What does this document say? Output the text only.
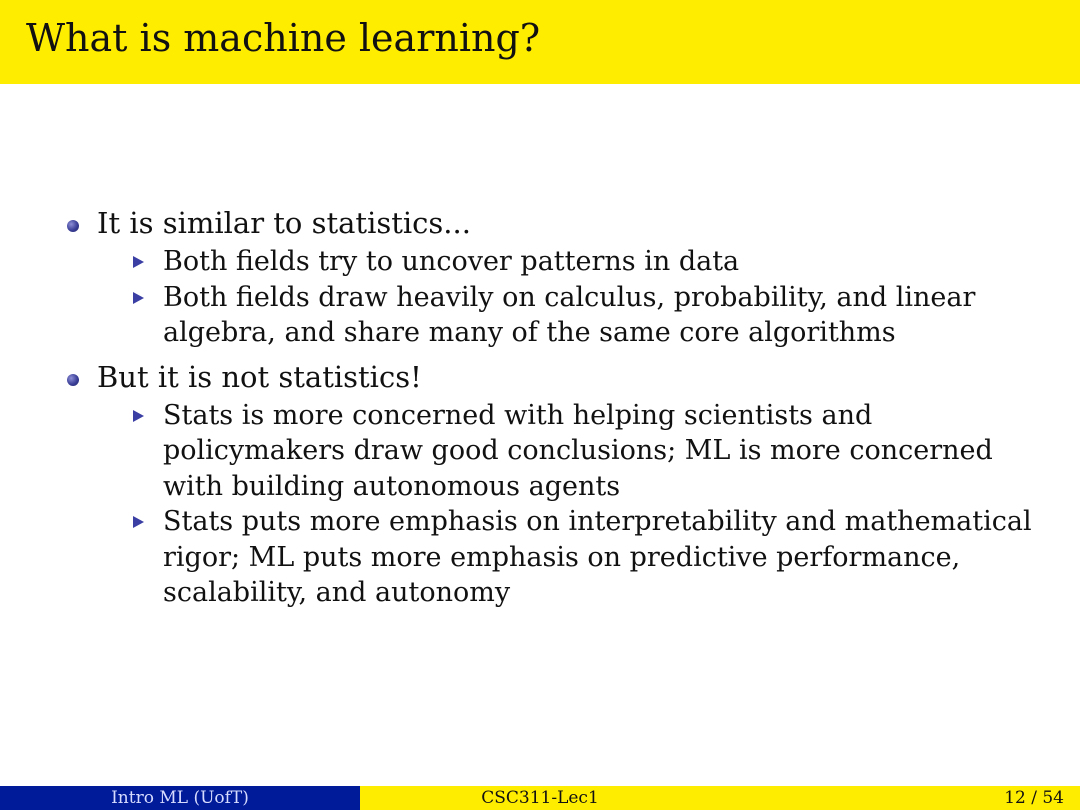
What is machine learning?
It is similar to statistics...
Both fields try to uncover patterns in data
Both fields draw heavily on calculus, probability, and linear algebra, and share many of the same core algorithms
But it is not statistics!
Stats is more concerned with helping scientists and policymakers draw good conclusions; ML is more concerned with building autonomous agents
Stats puts more emphasis on interpretability and mathematical rigor; ML puts more emphasis on predictive performance, scalability, and autonomy
Intro ML (UofT)	CSC311-Lec1	12 / 54
